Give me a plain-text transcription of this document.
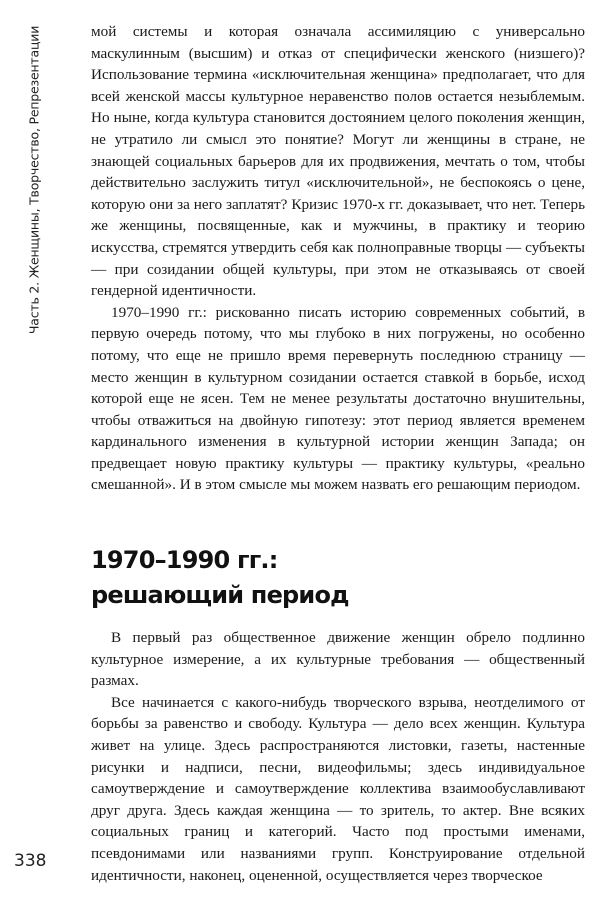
Часть 2. Женщины, Творчество, Репрезентации	мой системы и которая означала ассимиляцию с универсально маскулинным (высшим) и отказ от специфически женского (низшего)? Использование термина «исключительная женщина» предполагает, что для всей женской массы культурное неравенство полов остается незыблемым. Но ныне, когда культура становится достоянием целого поколения женщин, не утратило ли смысл это понятие? Могут ли женщины в стране, не знающей социальных барьеров для их продвижения, мечтать о том, чтобы действительно заслужить титул «исключительной», не беспокоясь о цене, которую они за него заплатят? Кризис 1970-х гг. доказывает, что нет. Теперь же женщины, посвященные, как и мужчины, в практику и теорию искусства, стремятся утвердить себя как полноправные творцы — субъекты — при созидании общей культуры, при этом не отказываясь от своей гендерной идентичности.

1970–1990 гг.: рискованно писать историю современных событий, в первую очередь потому, что мы глубоко в них погружены, но особенно потому, что еще не пришло время перевернуть последнюю страницу — место женщин в культурном созидании остается ставкой в борьбе, исход которой еще не ясен. Тем не менее результаты достаточно внушительны, чтобы отважиться на двойную гипотезу: этот период является временем кардинального изменения в культурной истории женщин Запада; он предвещает новую практику культуры — практику культуры, «реально смешанной». И в этом смысле мы можем назвать его решающим периодом.

1970–1990 гг.:
решающий период

В первый раз общественное движение женщин обрело подлинно культурное измерение, а их культурные требования — общественный размах.

Все начинается с какого-нибудь творческого взрыва, неотделимого от борьбы за равенство и свободу. Культура — дело всех женщин. Культура живет на улице. Здесь распространяются листовки, газеты, настенные рисунки и надписи, песни, видеофильмы; здесь индивидуальное самоутверждение и самоутверждение коллектива взаимообуславливают друг друга. Здесь каждая женщина — то зритель, то актер. Вне всяких социальных границ и категорий. Часто под простыми именами, псевдонимами или названиями групп. Конструирование отдельной идентичности, наконец, оцененной, осуществляется через творческое

338
